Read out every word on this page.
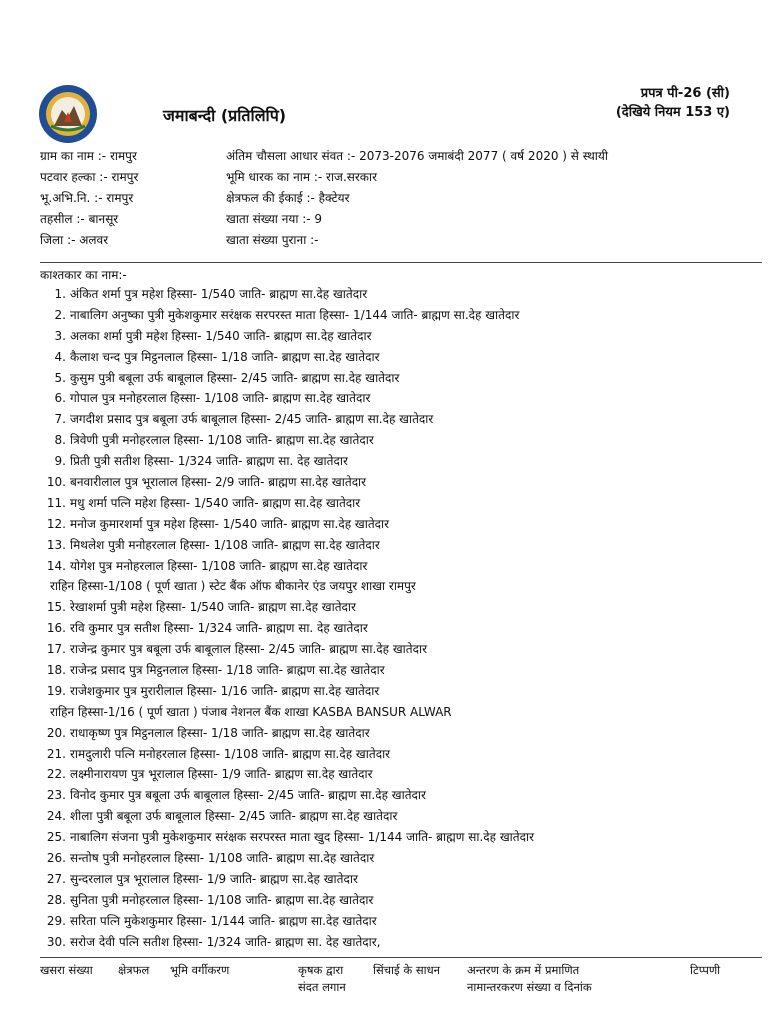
जमाबन्दी (प्रतिलिपि)
प्रपत्र पी-26 (सी)
(देखिये नियम 153 ए)
ग्राम का नाम :- रामपुर
पटवार हल्का :- रामपुर
भू.अभि.नि. :- रामपुर
तहसील :- बानसूर
जिला :- अलवर
अंतिम चौसला आधार संवत :- 2073-2076 जमाबंदी 2077 ( वर्ष 2020 ) से स्थायी
भूमि धारक का नाम :- राज.सरकार
क्षेत्रफल की ईकाई :- हैक्टेयर
खाता संख्या नया :- 9
खाता संख्या पुराना :-
काश्तकार का नाम:-
1. अंकित शर्मा पुत्र महेश हिस्सा- 1/540 जाति- ब्राह्मण सा.देह खातेदार
2. नाबालिग अनुष्का पुत्री मुकेशकुमार सरंक्षक सरपरस्त माता हिस्सा- 1/144 जाति- ब्राह्मण सा.देह खातेदार
3. अलका शर्मा पुत्री महेश हिस्सा- 1/540 जाति- ब्राह्मण सा.देह खातेदार
4. कैलाश चन्द पुत्र मिट्ठनलाल हिस्सा- 1/18 जाति- ब्राह्मण सा.देह खातेदार
5. कुसुम पुत्री बबूला उर्फ बाबूलाल हिस्सा- 2/45 जाति- ब्राह्मण सा.देह खातेदार
6. गोपाल पुत्र मनोहरलाल हिस्सा- 1/108 जाति- ब्राह्मण सा.देह खातेदार
7. जगदीश प्रसाद पुत्र बबूला उर्फ बाबूलाल हिस्सा- 2/45 जाति- ब्राह्मण सा.देह खातेदार
8. त्रिवेणी पुत्री मनोहरलाल हिस्सा- 1/108 जाति- ब्राह्मण सा.देह खातेदार
9. प्रिती पुत्री सतीश हिस्सा- 1/324 जाति- ब्राह्मण सा. देह खातेदार
10. बनवारीलाल पुत्र भूरालाल हिस्सा- 2/9 जाति- ब्राह्मण सा.देह खातेदार
11. मधु शर्मा पत्नि महेश हिस्सा- 1/540 जाति- ब्राह्मण सा.देह खातेदार
12. मनोज कुमारशर्मा पुत्र महेश हिस्सा- 1/540 जाति- ब्राह्मण सा.देह खातेदार
13. मिथलेश पुत्री मनोहरलाल हिस्सा- 1/108 जाति- ब्राह्मण सा.देह खातेदार
14. योगेश पुत्र मनोहरलाल हिस्सा- 1/108 जाति- ब्राह्मण सा.देह खातेदार
राहिन हिस्सा-1/108 ( पूर्ण खाता ) स्टेट बैंक ऑफ बीकानेर एंड जयपुर शाखा रामपुर
15. रेखाशर्मा पुत्री महेश हिस्सा- 1/540 जाति- ब्राह्मण सा.देह खातेदार
16. रवि कुमार पुत्र सतीश हिस्सा- 1/324 जाति- ब्राह्मण सा. देह खातेदार
17. राजेन्द्र कुमार पुत्र बबूला उर्फ बाबूलाल हिस्सा- 2/45 जाति- ब्राह्मण सा.देह खातेदार
18. राजेन्द्र प्रसाद पुत्र मिट्ठनलाल हिस्सा- 1/18 जाति- ब्राह्मण सा.देह खातेदार
19. राजेशकुमार पुत्र मुरारीलाल हिस्सा- 1/16 जाति- ब्राह्मण सा.देह खातेदार
राहिन हिस्सा-1/16 ( पूर्ण खाता ) पंजाब नेशनल बैंक शाखा KASBA BANSUR ALWAR
20. राधाकृष्ण पुत्र मिट्ठनलाल हिस्सा- 1/18 जाति- ब्राह्मण सा.देह खातेदार
21. रामदुलारी पत्नि मनोहरलाल हिस्सा- 1/108 जाति- ब्राह्मण सा.देह खातेदार
22. लक्ष्मीनारायण पुत्र भूरालाल हिस्सा- 1/9 जाति- ब्राह्मण सा.देह खातेदार
23. विनोद कुमार पुत्र बबूला उर्फ बाबूलाल हिस्सा- 2/45 जाति- ब्राह्मण सा.देह खातेदार
24. शीला पुत्री बबूला उर्फ बाबूलाल हिस्सा- 2/45 जाति- ब्राह्मण सा.देह खातेदार
25. नाबालिग संजना पुत्री मुकेशकुमार सरंक्षक सरपरस्त माता खुद हिस्सा- 1/144 जाति- ब्राह्मण सा.देह खातेदार
26. सन्तोष पुत्री मनोहरलाल हिस्सा- 1/108 जाति- ब्राह्मण सा.देह खातेदार
27. सुन्दरलाल पुत्र भूरालाल हिस्सा- 1/9 जाति- ब्राह्मण सा.देह खातेदार
28. सुनिता पुत्री मनोहरलाल हिस्सा- 1/108 जाति- ब्राह्मण सा.देह खातेदार
29. सरिता पत्नि मुकेशकुमार हिस्सा- 1/144 जाति- ब्राह्मण सा.देह खातेदार
30. सरोज देवी पत्नि सतीश हिस्सा- 1/324 जाति- ब्राह्मण सा. देह खातेदार,
खसरा संख्या क्षेत्रफल भूमि वर्गीकरण	कृषक द्वारा
संदत लगान
सिंचाई के साधन अन्तरण के क्रम में प्रमाणित
नामान्तरकरण संख्या व दिनांक
टिप्पणी
